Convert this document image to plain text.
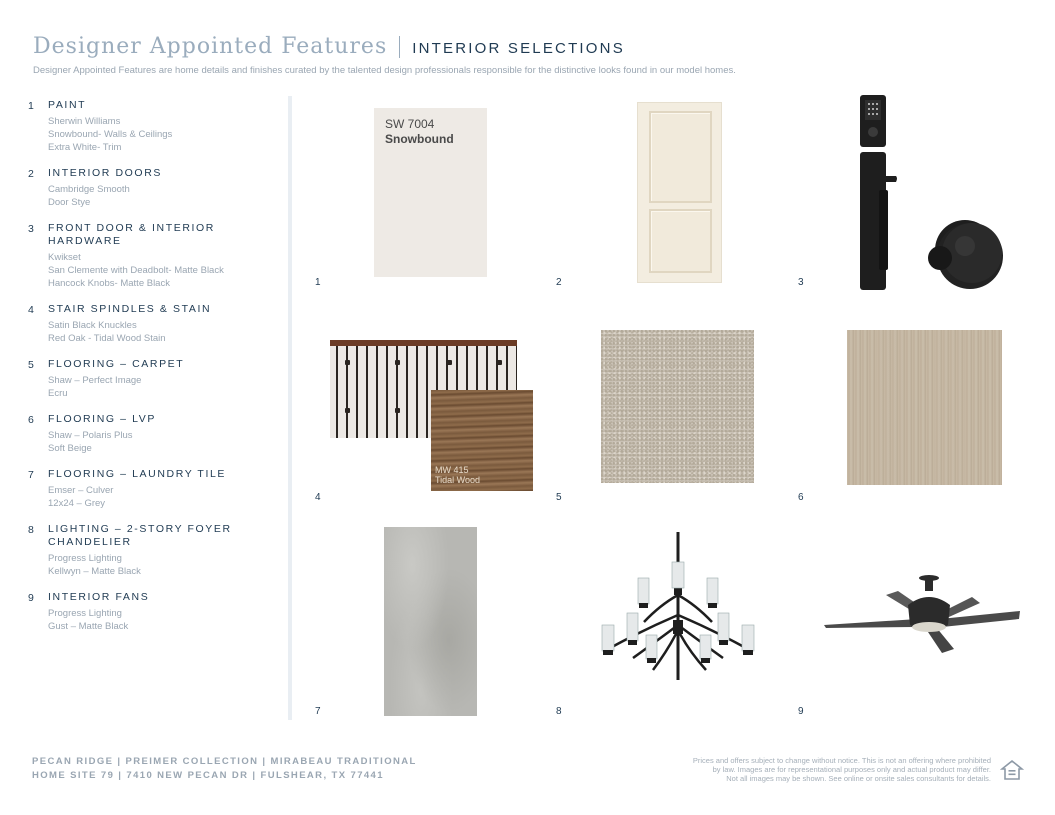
Designer Appointed Features INTERIOR SELECTIONS
Designer Appointed Features are home details and finishes curated by the talented design professionals responsible for the distinctive looks found in our model homes.
1	PAINT
Sherwin Williams
Snowbound- Walls & Ceilings
Extra White- Trim
2	INTERIOR DOORS
Cambridge Smooth
Door Stye
3	FRONT DOOR & INTERIOR HARDWARE
Kwikset
San Clemente with Deadbolt- Matte Black
Hancock Knobs- Matte Black
4	STAIR SPINDLES & STAIN
Satin Black Knuckles
Red Oak - Tidal Wood Stain
5	FLOORING – CARPET
Shaw – Perfect Image
Ecru
6	FLOORING – LVP
Shaw – Polaris Plus
Soft Beige
7	FLOORING – LAUNDRY TILE
Emser – Culver
12x24 – Grey
8	LIGHTING – 2-STORY FOYER CHANDELIER
Progress Lighting
Kellwyn – Matte Black
9	INTERIOR FANS
Progress Lighting
Gust – Matte Black
SW 7004
Snowbound
1	2	3
MW 415
Tidal Wood
4	5	6
7	8	9
PECAN RIDGE | PREIMER COLLECTION | MIRABEAU TRADITIONAL
HOME SITE 79 | 7410 NEW PECAN DR | FULSHEAR, TX 77441
Prices and offers subject to change without notice. This is not an offering where prohibited
by law. Images are for representational purposes only and actual product may differ.
Not all images may be shown. See online or onsite sales consultants for details.
